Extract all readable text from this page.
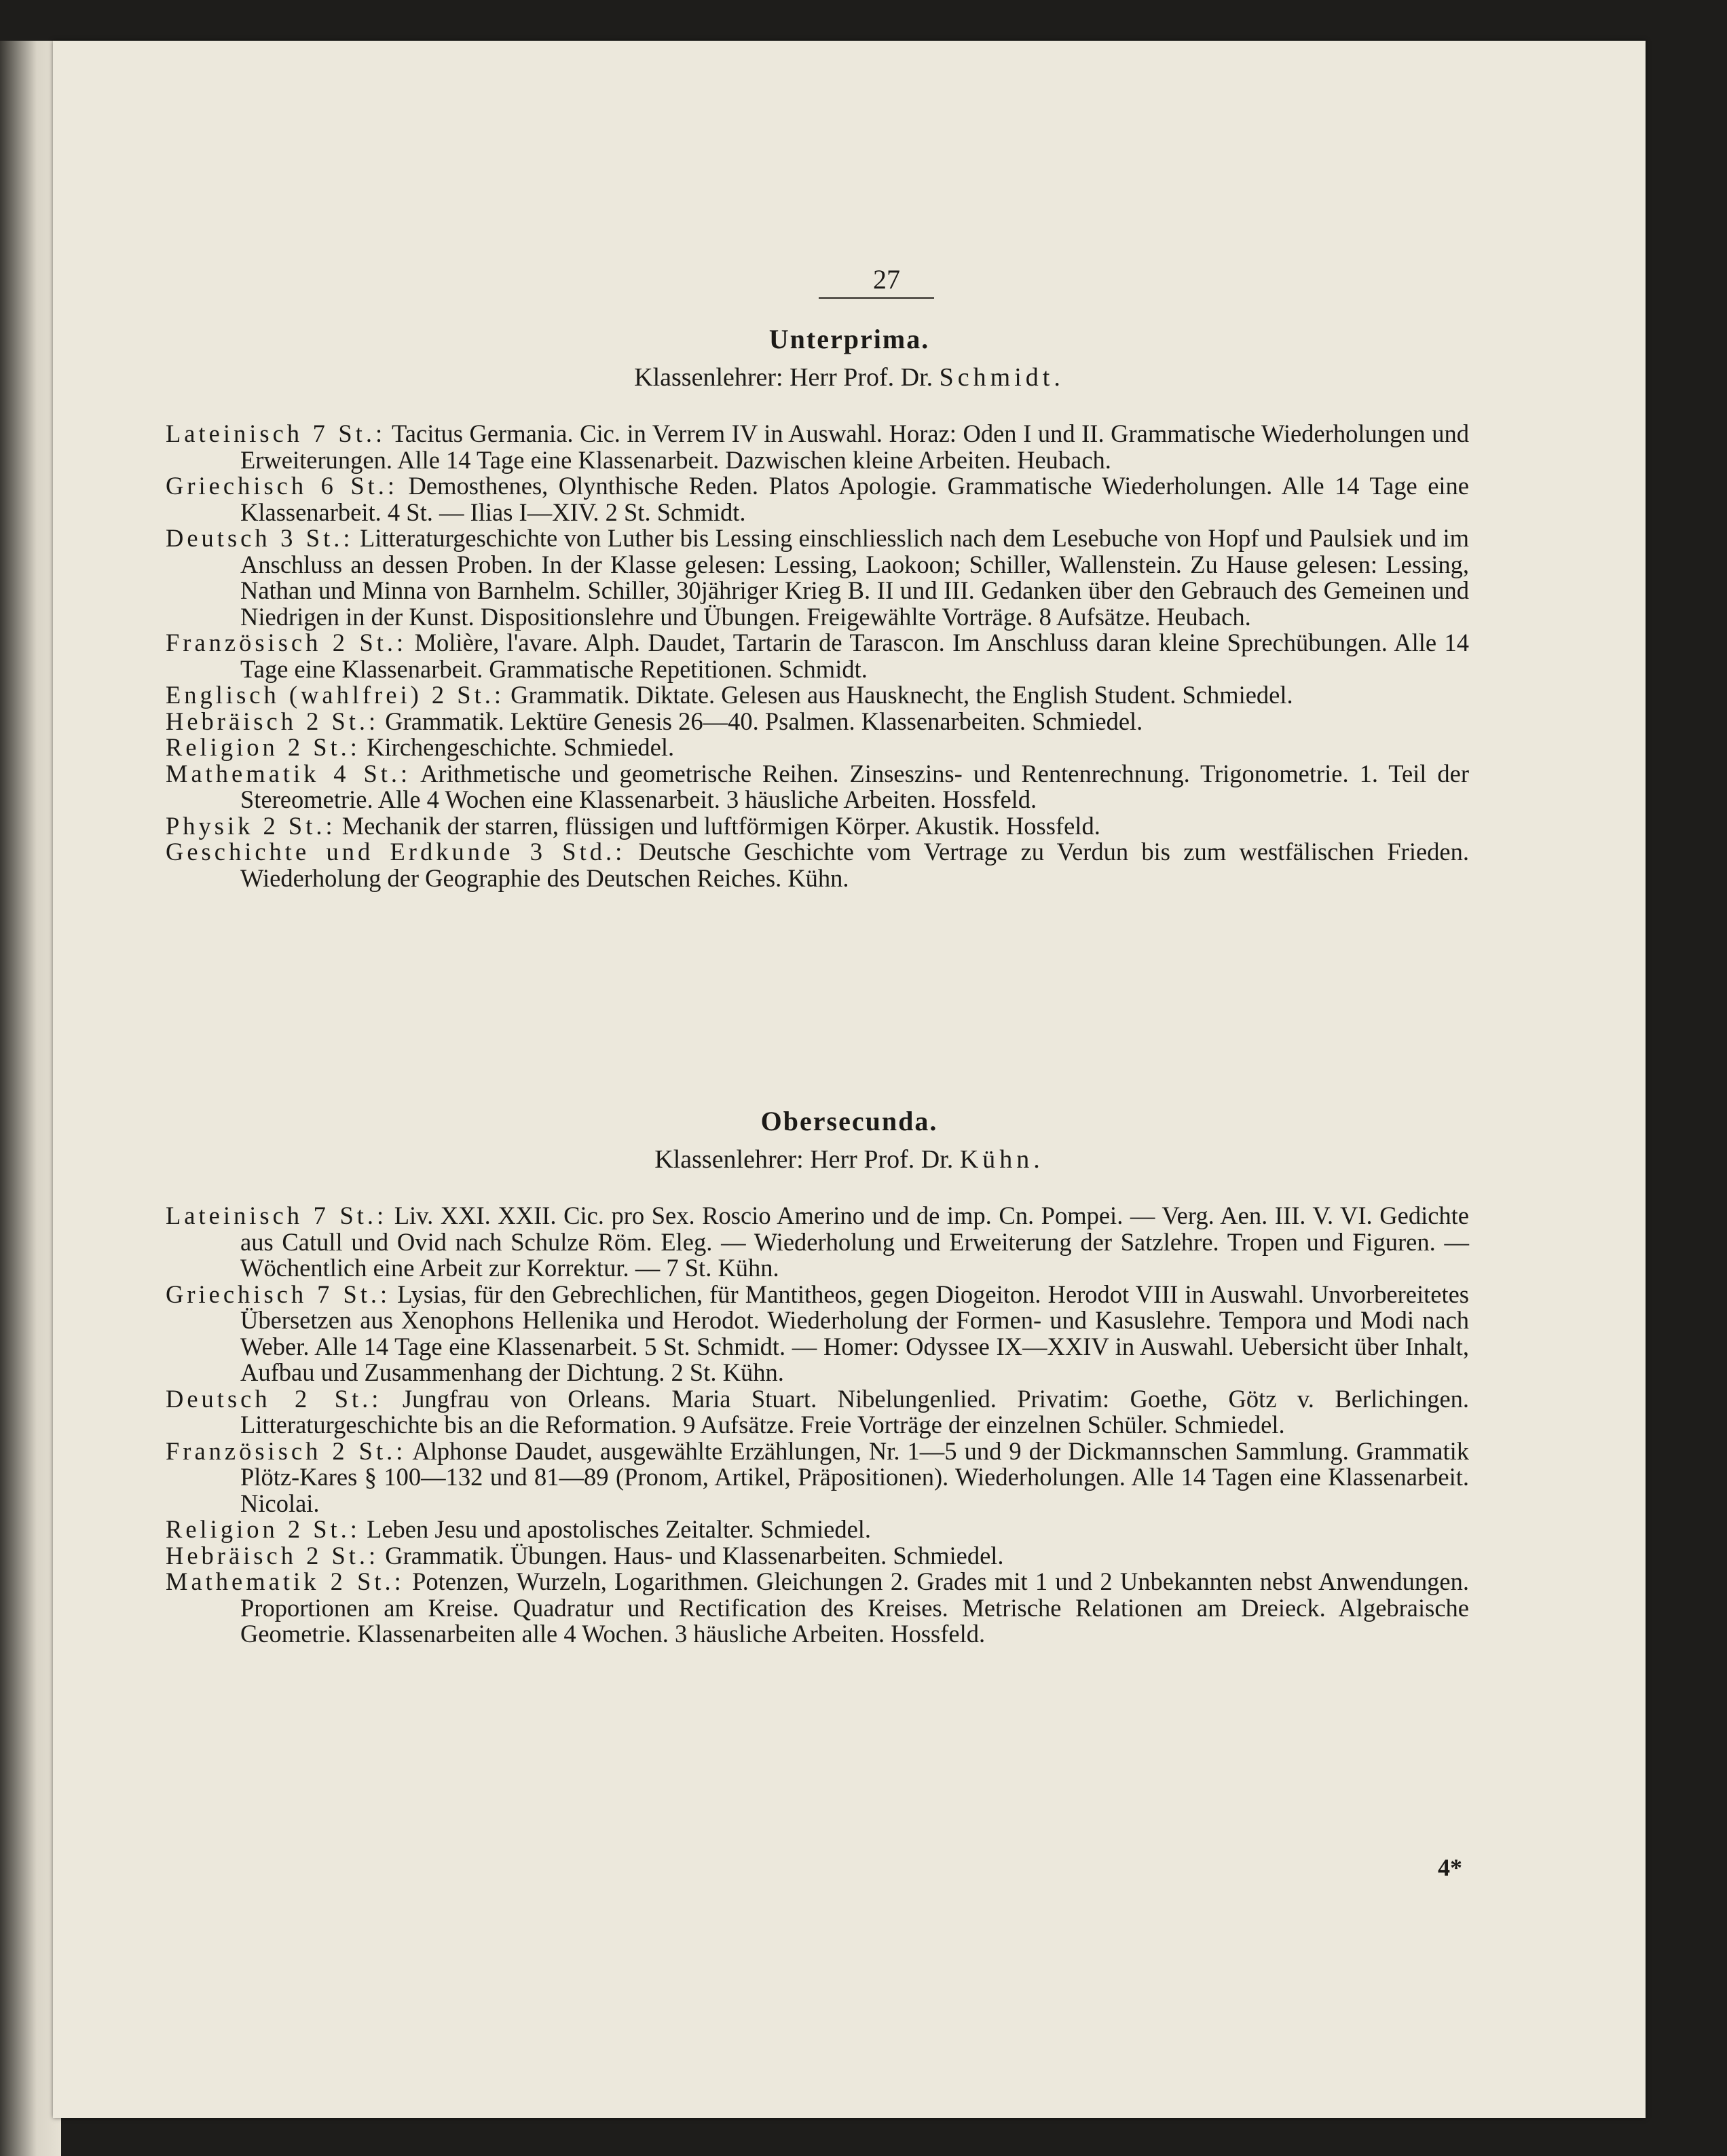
27
Unterprima.
Klassenlehrer: Herr Prof. Dr. Schmidt.

Lateinisch 7 St.: Tacitus Germania. Cic. in Verrem IV in Auswahl. Horaz: Oden I und II. Grammatische Wiederholungen und Erweiterungen. Alle 14 Tage eine Klassenarbeit. Dazwischen kleine Arbeiten. Heubach.

Griechisch 6 St.: Demosthenes, Olynthische Reden. Platos Apologie. Grammatische Wiederholungen. Alle 14 Tage eine Klassenarbeit. 4 St. — Ilias I—XIV. 2 St. Schmidt.

Deutsch 3 St.: Litteraturgeschichte von Luther bis Lessing einschliesslich nach dem Lesebuche von Hopf und Paulsiek und im Anschluss an dessen Proben. In der Klasse gelesen: Lessing, Laokoon; Schiller, Wallenstein. Zu Hause gelesen: Lessing, Nathan und Minna von Barnhelm. Schiller, 30jähriger Krieg B. II und III. Gedanken über den Gebrauch des Gemeinen und Niedrigen in der Kunst. Dispositionslehre und Übungen. Freigewählte Vorträge. 8 Aufsätze. Heubach.

Französisch 2 St.: Molière, l'avare. Alph. Daudet, Tartarin de Tarascon. Im Anschluss daran kleine Sprechübungen. Alle 14 Tage eine Klassenarbeit. Grammatische Repetitionen. Schmidt.

Englisch (wahlfrei) 2 St.: Grammatik. Diktate. Gelesen aus Hausknecht, the English Student. Schmiedel.

Hebräisch 2 St.: Grammatik. Lektüre Genesis 26—40. Psalmen. Klassenarbeiten. Schmiedel.

Religion 2 St.: Kirchengeschichte. Schmiedel.

Mathematik 4 St.: Arithmetische und geometrische Reihen. Zinseszins- und Rentenrechnung. Trigonometrie. 1. Teil der Stereometrie. Alle 4 Wochen eine Klassenarbeit. 3 häusliche Arbeiten. Hossfeld.

Physik 2 St.: Mechanik der starren, flüssigen und luftförmigen Körper. Akustik. Hossfeld.

Geschichte und Erdkunde 3 Std.: Deutsche Geschichte vom Vertrage zu Verdun bis zum westfälischen Frieden. Wiederholung der Geographie des Deutschen Reiches. Kühn.

Obersecunda.
Klassenlehrer: Herr Prof. Dr. Kühn.

Lateinisch 7 St.: Liv. XXI. XXII. Cic. pro Sex. Roscio Amerino und de imp. Cn. Pompei. — Verg. Aen. III. V. VI. Gedichte aus Catull und Ovid nach Schulze Röm. Eleg. — Wiederholung und Erweiterung der Satzlehre. Tropen und Figuren. — Wöchentlich eine Arbeit zur Korrektur. — 7 St. Kühn.

Griechisch 7 St.: Lysias, für den Gebrechlichen, für Mantitheos, gegen Diogeiton. Herodot VIII in Auswahl. Unvorbereitetes Übersetzen aus Xenophons Hellenika und Herodot. Wiederholung der Formen- und Kasuslehre. Tempora und Modi nach Weber. Alle 14 Tage eine Klassenarbeit. 5 St. Schmidt. — Homer: Odyssee IX—XXIV in Auswahl. Uebersicht über Inhalt, Aufbau und Zusammenhang der Dichtung. 2 St. Kühn.

Deutsch 2 St.: Jungfrau von Orleans. Maria Stuart. Nibelungenlied. Privatim: Goethe, Götz v. Berlichingen. Litteraturgeschichte bis an die Reformation. 9 Aufsätze. Freie Vorträge der einzelnen Schüler. Schmiedel.

Französisch 2 St.: Alphonse Daudet, ausgewählte Erzählungen, Nr. 1—5 und 9 der Dickmannschen Sammlung. Grammatik Plötz-Kares § 100—132 und 81—89 (Pronom, Artikel, Präpositionen). Wiederholungen. Alle 14 Tagen eine Klassenarbeit. Nicolai.

Religion 2 St.: Leben Jesu und apostolisches Zeitalter. Schmiedel.

Hebräisch 2 St.: Grammatik. Übungen. Haus- und Klassenarbeiten. Schmiedel.

Mathematik 2 St.: Potenzen, Wurzeln, Logarithmen. Gleichungen 2. Grades mit 1 und 2 Unbekannten nebst Anwendungen. Proportionen am Kreise. Quadratur und Rectification des Kreises. Metrische Relationen am Dreieck. Algebraische Geometrie. Klassenarbeiten alle 4 Wochen. 3 häusliche Arbeiten. Hossfeld.

4*
